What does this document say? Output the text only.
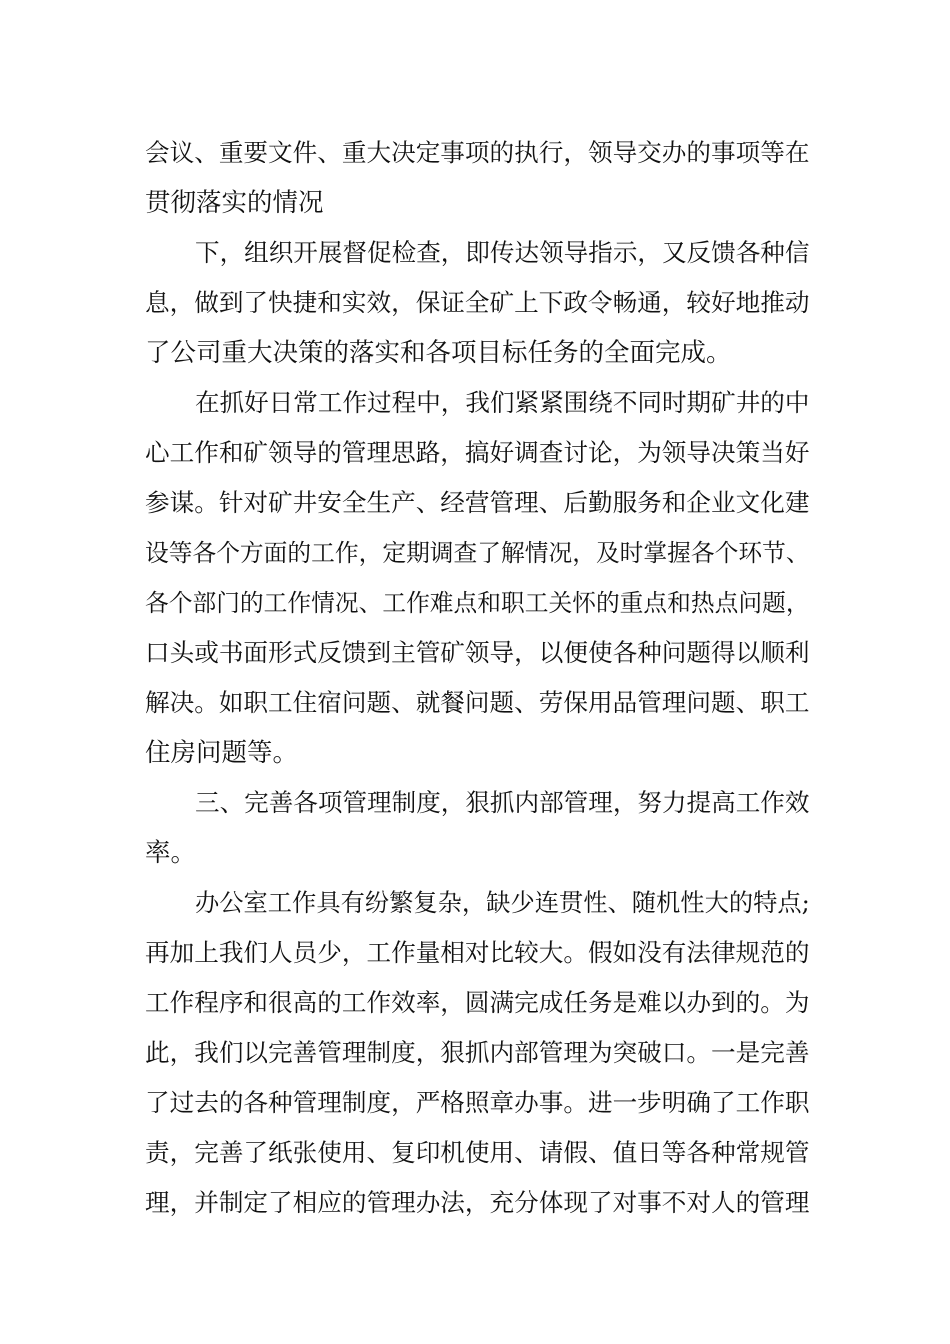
会议、重要文件、重大决定事项的执行，领导交办的事项等在
贯彻落实的情况
下，组织开展督促检查，即传达领导指示，又反馈各种信
息，做到了快捷和实效，保证全矿上下政令畅通，较好地推动
了公司重大决策的落实和各项目标任务的全面完成。
在抓好日常工作过程中，我们紧紧围绕不同时期矿井的中
心工作和矿领导的管理思路，搞好调查讨论，为领导决策当好
参谋。针对矿井安全生产、经营管理、后勤服务和企业文化建
设等各个方面的工作，定期调查了解情况，及时掌握各个环节、
各个部门的工作情况、工作难点和职工关怀的重点和热点问题，
口头或书面形式反馈到主管矿领导，以便使各种问题得以顺利
解决。如职工住宿问题、就餐问题、劳保用品管理问题、职工
住房问题等。
三、完善各项管理制度，狠抓内部管理，努力提高工作效
率。
办公室工作具有纷繁复杂，缺少连贯性、随机性大的特点;
再加上我们人员少，工作量相对比较大。假如没有法律规范的
工作程序和很高的工作效率，圆满完成任务是难以办到的。为
此，我们以完善管理制度，狠抓内部管理为突破口。一是完善
了过去的各种管理制度，严格照章办事。进一步明确了工作职
责，完善了纸张使用、复印机使用、请假、值日等各种常规管
理，并制定了相应的管理办法，充分体现了对事不对人的管理
